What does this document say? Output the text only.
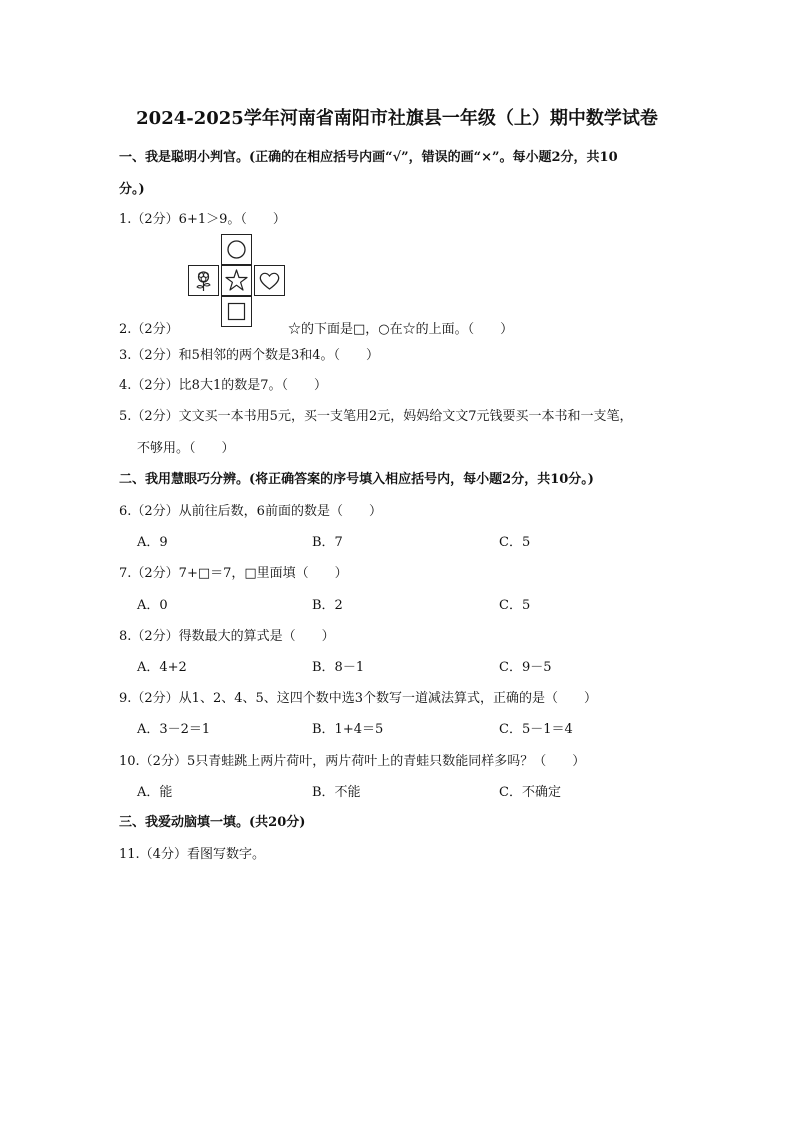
2024-2025学年河南省南阳市社旗县一年级（上）期中数学试卷
一、我是聪明小判官。(正确的在相应括号内画“√”，错误的画“×”。每小题2分，共10
分。)
1.（2分）6+1＞9。（　　）
2.（2分）	☆的下面是□，○在☆的上面。（　　）
3.（2分）和5相邻的两个数是3和4。（　　）
4.（2分）比8大1的数是7。（　　）
5.（2分）文文买一本书用5元，买一支笔用2元，妈妈给文文7元钱要买一本书和一支笔，
不够用。（　　）
二、我用慧眼巧分辨。(将正确答案的序号填入相应括号内，每小题2分，共10分。)
6.（2分）从前往后数，6前面的数是（　　）
A．9	B．7	C．5
7.（2分）7+□＝7，□里面填（　　）
A．0	B．2	C．5
8.（2分）得数最大的算式是（　　）
A．4+2	B．8－1	C．9－5
9.（2分）从1、2、4、5、这四个数中选3个数写一道减法算式，正确的是（　　）
A．3－2＝1	B．1+4＝5	C．5－1＝4
10.（2分）5只青蛙跳上两片荷叶，两片荷叶上的青蛙只数能同样多吗？（　　）
A．能	B．不能	C．不确定
三、我爱动脑填一填。(共20分)
11.（4分）看图写数字。
